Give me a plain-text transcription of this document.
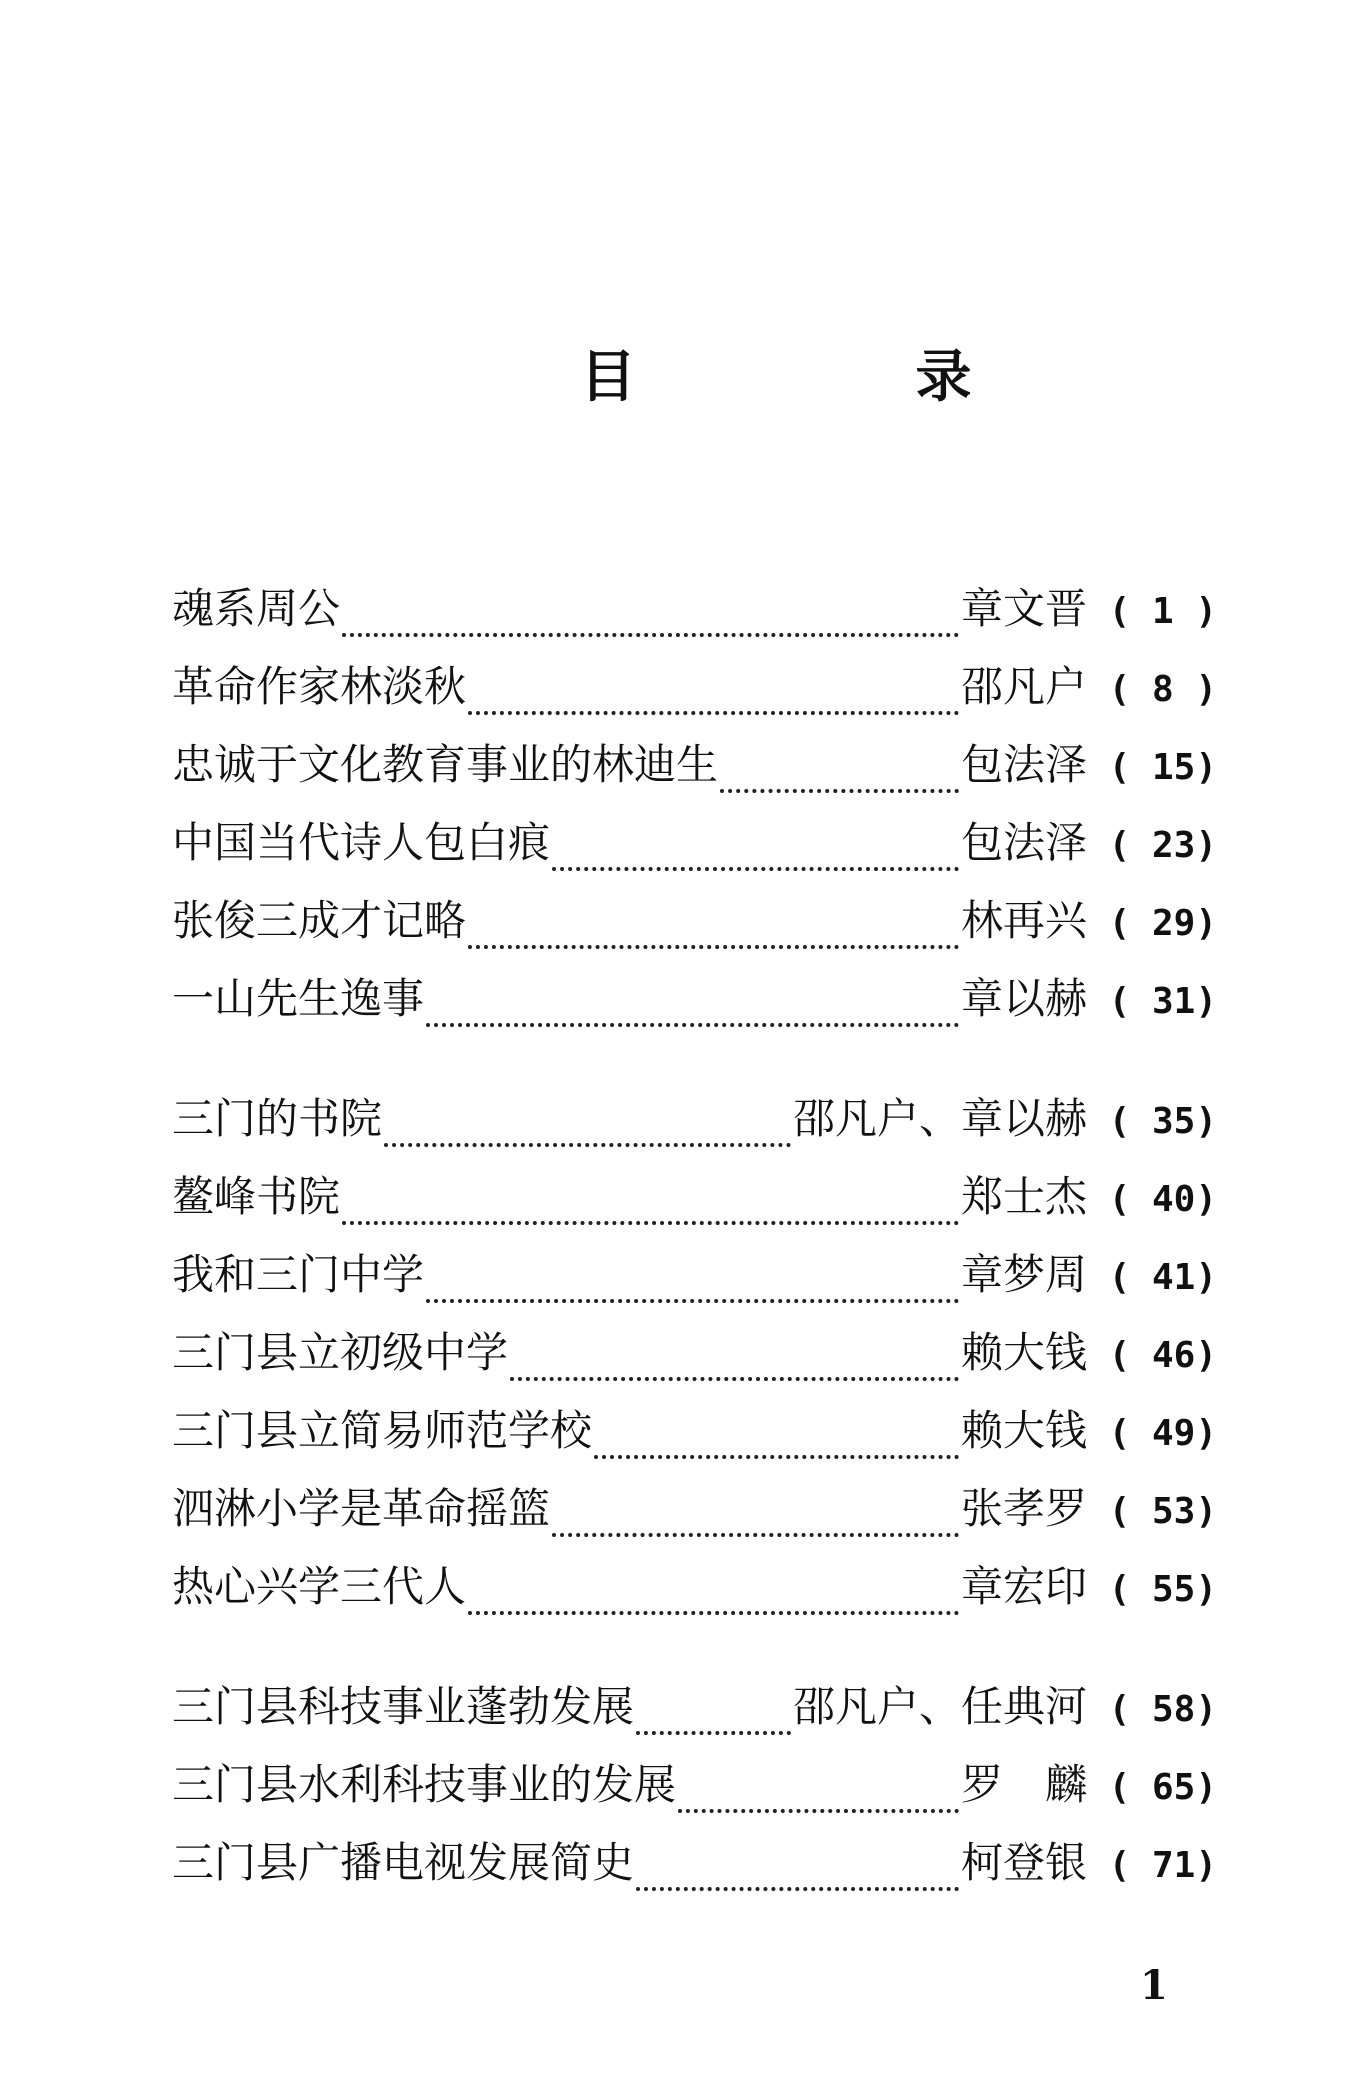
目 录
魂系周公	章文晋 ( 1 )
革命作家林淡秋	邵凡户 ( 8 )
忠诚于文化教育事业的林迪生	包法泽 ( 15)
中国当代诗人包白痕	包法泽 ( 23)
张俊三成才记略	林再兴 ( 29)
一山先生逸事	章以赫 ( 31)
三门的书院	邵凡户、章以赫 ( 35)
鳌峰书院	郑士杰 ( 40)
我和三门中学	章梦周 ( 41)
三门县立初级中学	赖大钱 ( 46)
三门县立简易师范学校	赖大钱 ( 49)
泗淋小学是革命摇篮	张孝罗 ( 53)
热心兴学三代人	章宏印 ( 55)
三门县科技事业蓬勃发展	邵凡户、任典河 ( 58)
三门县水利科技事业的发展	罗　麟 ( 65)
三门县广播电视发展简史	柯登银 ( 71)
1
